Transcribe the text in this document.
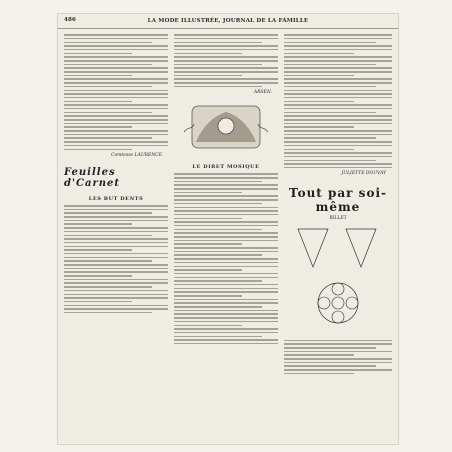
486	LA MODE ILLUSTRÉE, JOURNAL DE LA FAMILLE
Comtesse LAURENCE
Feuilles d'Carnet
LES BUT DENTS
ARSÈN.
LE DIRET MOSIQUE
JULIETTE DOUVAY
Tout par soi-même
BILLET
